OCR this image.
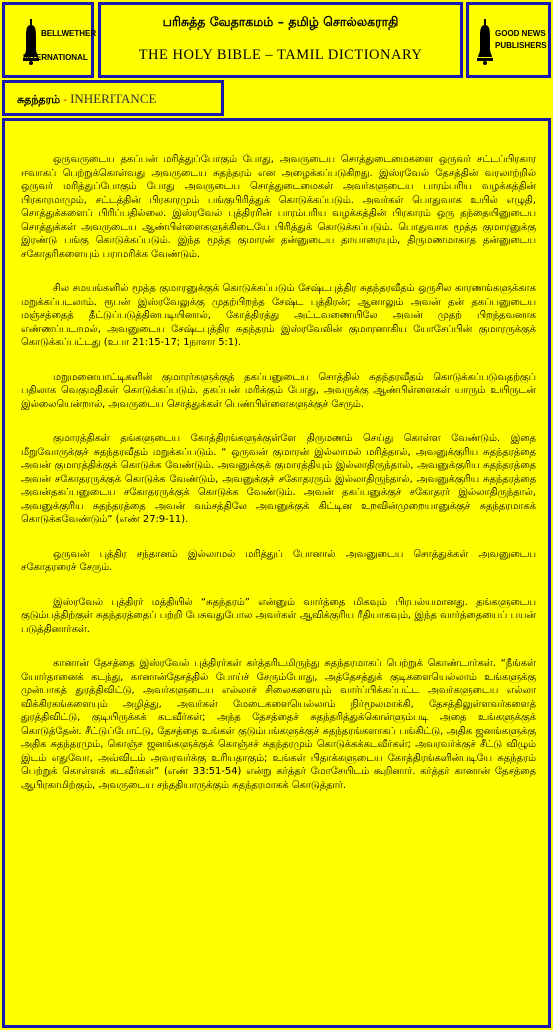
BELLWETHER
INTERNATIONAL
பரிசுத்த வேதாகமம் – தமிழ் சொல்லகராதி
THE HOLY BIBLE – TAMIL DICTIONARY
GOOD NEWS
PUBLISHERS
சுதந்தரம் - INHERITANCE

ஒருவருடைய தகப்பன் மரித்துப்போகும் போது, அவருடைய சொத்துடைமைகளை ஒருவர் சட்டப்பிரகார ஈவாகப் பெற்றுக்கொள்வது அவருடைய சுதந்தரம் என அழைக்கப்படுகிறது. இஸ்ரவேல் தேசத்தின் வரலாற்றில் ஒருவர் மரித்துப்போகும் போது அவருடைய சொத்துடைமைகள் அவர்களுடைய பாரம்பரிய வழக்கத்தின் பிரகாரமாமும், சட்டத்தின் பிரகாரமும் பங்குபிரித்துக் கொடுக்கப்படும். அவர்கள் பொதுவாக உயில் எழுதி, சொத்துக்களைப் பிரிப்பதில்லை. இஸ்ரவேல் புத்திரரின் பாரம்பரிய வழக்கத்தின் பிரகாரம் ஒரு தந்தையினுடைய சொத்துக்கள் அவருடைய ஆண்பிள்ளைகளுக்கிடையே பிரித்துக் கொடுக்கப்படும். பொதுவாக மூத்த குமாரனுக்கு இரண்டு பங்கு கொடுக்கப்படும். இந்த மூத்த குமாரன் தன்னுடைய தாயாரையும், திருமணமாகாத தன்னுடைய சகோதரிகளையும் பராமரிக்க வேண்டும்.

சில சமயங்களில் மூத்த குமாரனுக்குக் கொடுக்கப்படும் சேஷ்டபுத்திர சுதந்தரவீதம் ஒருசில காரணங்களுக்காக மறுக்கப்படலாம். ரூபன் இஸ்ரவேலுக்கு முதற்பிறந்த சேஷ்ட புத்திரன்; ஆனாலும் அவன் தன் தகப்பனுடைய மஞ்சத்தைத் தீட்டுப்படுத்தினபடியினால், கோத்திரத்து அட்டவணையிலே அவன் முதற் பிறந்தவனாக எண்ணப்படாமல், அவனுடைய சேஷ்டபுத்திர சுதந்தரம் இஸ்ரவேலின் குமாரனாகிய யோசேப்பின் குமாரருக்குக் கொடுக்கப்பட்டது (உபா 21:15-17; 1நாளா 5:1).

மறுமனையாட்டிகளின் குமாரர்களுக்குத் தகப்பனுடைய சொத்தில் சுதந்தரவீதம் கொடுக்கப்படுவதற்குப் பதிலாக வெகுமதிகள் கொடுக்கப்படும். தகப்பன் மரிக்கும் போது, அவருக்கு ஆண்பிள்ளைகள் யாரும் உயிருடன் இல்லையென்றால், அவருடைய சொத்துக்கள் பெண்பிள்ளைகளுக்குச் சேரும்.

குமாரத்திகள் தங்களுடைய கோத்திரங்களுக்குள்ளே திருமணம் செய்து கொள்ள வேண்டும். இதை மீறுவோருக்குச் சுதந்தரவீதம் மறுக்கப்படும். “ ஒருவன் குமாரன் இல்லாமல் மரித்தால், அவனுக்குரிய சுதந்தரத்தை அவன் குமாரத்திக்குக் கொடுக்க வேண்டும். அவனுக்குக் குமாரத்தியும் இல்லாதிருந்தால், அவனுக்குரிய சுதந்தரத்தை அவன் சகோதரருக்குக் கொடுக்க வேண்டும், அவனுக்குச் சகோதரரும் இல்லாதிருந்தால், அவனுக்குரிய சுதந்தரத்தை அவன்தகப்பனுடைய சகோதரருக்குக் கொடுக்க வேண்டும். அவன் தகப்பனுக்குச் சகோதரர் இல்லாதிருந்தால், அவனுக்குரிய சுதந்தரத்தை அவன் வம்சத்திலே அவனுக்குக் கிட்டின உறவின்முறையானுக்குச் சுதந்தரமாகக் கொடுக்கவேண்டும்” (எண் 27:9-11).

ஒருவன் புத்திர சந்தானம் இல்லாமல் மரித்துப் போனால் அவனுடைய சொத்துக்கள் அவனுடைய சகோதரரைச் சேரும்.

இஸ்ரவேல் புத்திரர் மத்தியில் “சுதந்தரம்” என்னும் வார்த்தை மிகவும் பிரபல்யமானது. தங்களுடைய குடும்பத்திற்குள் சுதந்தரத்தைப் பற்றி பேசுவதுபோல அவர்கள் ஆவிக்குரிய ரீதியாகவும், இந்த வார்த்தையைப் பயன் படுத்தினார்கள்.

கானான் தேசத்தை இஸ்ரவேல் புத்திரர்கள் கர்த்தரிடமிருந்து சுதந்தரமாகப் பெற்றுக் கொண்டார்கள். “நீங்கள் யோர்தானைக் கடந்து, கானான்தேசத்தில் போய்ச் சேரும்போது, அத்தேசத்துக் குடிகளையெல்லாம் உங்களுக்கு முன்பாகத் துரத்திவிட்டு, அவர்களுடைய எல்லாச் சிலைகளையும் வார்ப்பிக்கப்பட்ட அவர்களுடைய எல்லா விக்கிரகங்களையும் அழித்து, அவர்கள் மேடைகளையெல்லாம் நிர்மூலமாக்கி, தேசத்திலுள்ளவர்களைத் துரத்திவிட்டு, குடியிருக்கக் கடவீர்கள்; அந்த தேசத்தைச் சுதந்தரித்துக்கொள்ளும்படி அதை உங்களுக்குக் கொடுத்தேன். சீட்டுப்போட்டு, தேசத்தை உங்கள் குடும்பங்களுக்குச் சுதந்தரங்களாகப் பங்கிட்டு, அதிக ஜனங்களுக்கு அதிக சுதந்தரமும், கொஞ்ச ஜனங்களுக்குக் கொஞ்சச் சுதந்தரமும் கொடுக்கக்கடவீர்கள்; அவரவர்க்குச் சீட்டு விழும் இடம் எதுவோ, அவ்விடம் அவரவர்க்கு உரியதாகும்; உங்கள் பிதாக்களுடைய கோத்திரங்களின்படியே சுதந்தரம் பெற்றுக் கொள்ளக் கடவீர்கள்” (எண் 33:51-54) என்று கர்த்தர் மோசேயிடம் கூறினார். கர்த்தர் கானான் தேசத்தை ஆபிரகாமிற்கும், அவருடைய சந்ததியாருக்கும் சுதந்தரமாகக் கொடுத்தார்.
